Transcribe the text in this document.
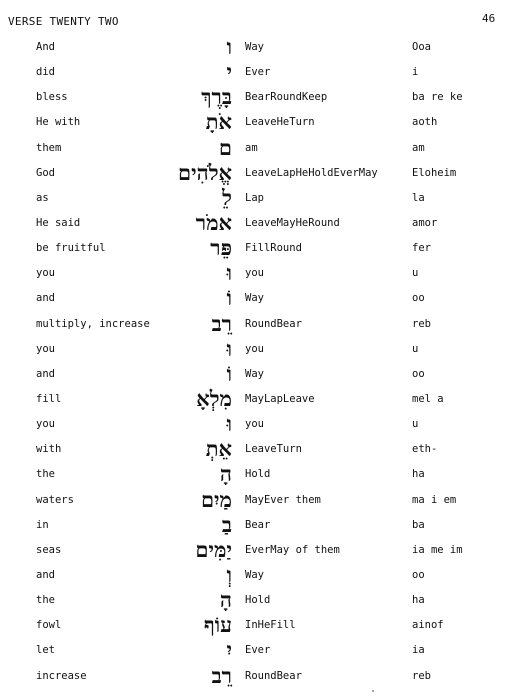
VERSE TWENTY TWO	46
And	ו Way	Ooa
did	י Ever	i
bless	בָּרֶךְ BearRoundKeep	ba re ke
He with	אֹתָ LeaveHeTurn	aoth
them	ם am	am
God	אֱלֹהִים LeaveLapHeHoldEverMay	Eloheim
as	לֵ Lap	la
He said	אמֹר LeaveMayHeRound	amor
be fruitful	פֵּר FillRound	fer
you	וּ you	u
and	וֹ Way	oo
multiply, increase	רֵב RoundBear	reb
you	וּ you	u
and	וֹ Way	oo
fill	מִלְאָ MayLapLeave	mel a
you	וּ you	u
with	אֵתְ LeaveTurn	eth-
the	הָ Hold	ha
waters	מַיִם MayEver them	ma i em
in	בַ Bear	ba
seas	יַמִּים EverMay of them	ia me im
and	וְ Way	oo
the	הָ Hold	ha
fowl	עוֹף InHeFill	ainof
let	יִ Ever	ia
increase	רֵב RoundBear	reb
